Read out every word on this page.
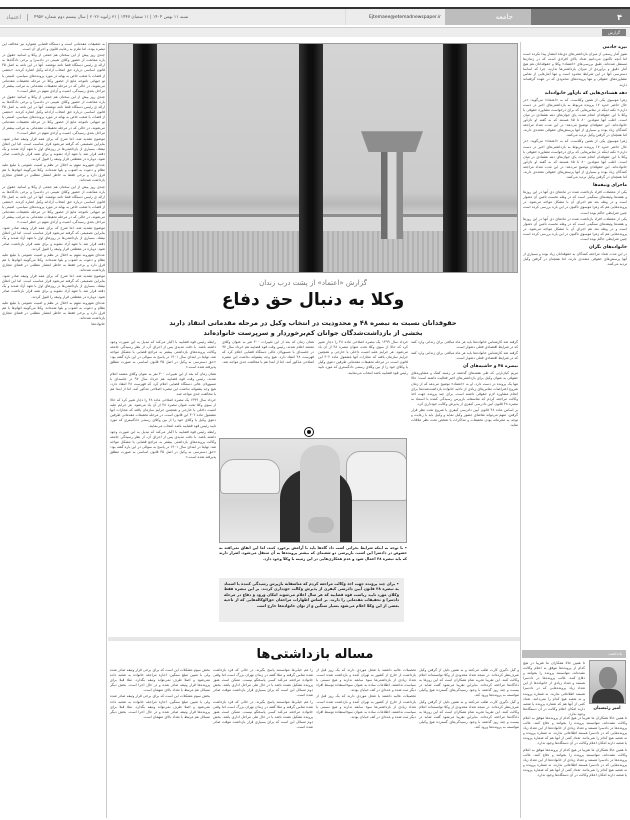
اعتماد	شنبه ۱۱ بهمن ۱۴۰۴ | ۱۱ شعبان ۱۴۴۷ | ۳۱ ژانویه ۲۰۲۶ | سال بیستم دوم شماره ۴۹۵۳	Ejtemaee@etemadnewspaper.ir	جامعه	۴
گزارش
گزارش «اعتماد» از پشت درب زندان
وکلا به دنبال حق دفاع
حقوقدانان نسبت به تبصره ۴۸ و محدودیت در انتخاب وکیل در مرحله مقدماتی انتقاد دارند
بخشی از بازداشت‌شدگان جوانان کم‌برخوردار و سرپرست خانواده‌اند
تیره خادمی

هنوز آمار رسمی از میزان بازداشتی‌های دی‌ماه انتشار پیدا نکرده است اما آنچه تاکنون می‌دانیم تعداد بالای افرادی است که در زندان‌ها مستقل شده‌اند. طبق بررسی‌های «اعتماد» وکلا و حقوقدانان هم هیچ آمار دقیق و برآوردی از میزان بازداشتی‌ها ندارند، چرا که اساسا دسترسی آنها در این شرایط محدود است و تنها آمارهایی از تماس مشاوره‌های حقوقی و تنها پرونده‌های محدودی که در عهده گرفته‌اند دارند.

دهه هشتادی‌هایی که نان‌آور خانواده‌اند

زهرا موسوی یکی از همین وکلاست. که به «اعتماد» می‌گوید: «در حال حاضر حدود ۱۷ پرونده مربوط به بازداشتی‌های اخیر در دست دارم.» نکته اینکه در تماس‌هایی که برای درخواست مشاوره حقوقی با وکلا با این حقوقدان انجام شده، پای جوان‌های دهه هشتادی در میان است. اغلب آنها متولدین ۸۰ تا ۸۵ هستند که به گفته او نان‌آور خانواده‌اند. این حقوقدان توضیح می‌دهد: در این مدت تعداد مراجعه کنندگان زیاد بوده و بسیاری از آنها پرسش‌های حقوقی متعددی دارند، اما همچنان در گرفتن وکیل تردید می‌کنند.

زهرا موسوی یکی از همین وکلاست. که به «اعتماد» می‌گوید: «در حال حاضر حدود ۱۷ پرونده مربوط به بازداشتی‌های اخیر در دست دارم.» نکته اینکه در تماس‌هایی که برای درخواست مشاوره حقوقی با وکلا با این حقوقدان انجام شده، پای جوان‌های دهه هشتادی در میان است. اغلب آنها متولدین ۸۰ تا ۸۵ هستند که به گفته او نان‌آور خانواده‌اند. این حقوقدان توضیح می‌دهد: در این مدت تعداد مراجعه کنندگان زیاد بوده و بسیاری از آنها پرسش‌های حقوقی متعددی دارند، اما همچنان در گرفتن وکیل تردید می‌کنند.

ماجرای وثیقه‌ها

یکی از معضلات افراد بازداشت شده در ماه‌های دی آنها در این روزها و هفته‌ها وثیقه‌های سنگینی است که در وهله نخست تامین آن دشوار است و در وهله بعد هم اجرای آن با مشکل مواجه می‌شود. در پرونده‌هایی هم که زهرا موسوی تاکنون در این باره بررسی کرده است چنین شرایطی حاکم بوده است.

یکی از معضلات افراد بازداشت شده در ماه‌های دی آنها در این روزها و هفته‌ها وثیقه‌های سنگینی است که در وهله نخست تامین آن دشوار است و در وهله بعد هم اجرای آن با مشکل مواجه می‌شود. در پرونده‌هایی هم که زهرا موسوی تاکنون در این باره بررسی کرده است چنین شرایطی حاکم بوده است.

خانواده‌های نگران

در این مدت تعداد مراجعه کنندگان به حقوقدانان زیاد بوده و بسیاری از آنها پرسش‌های حقوقی متعددی دارند، اما همچنان در گرفتن وکیل تردید می‌کنند.

یادداشت
امیر رئیسیان

تا همین حالا همکاران ما تقریبا در هیچ کدام از پرونده‌ها موفق به اعلام وکالت نشده‌اند، نتوانستند پرونده را بخوانند و دفاع کنند. غالب پرونده‌ها در دادسرا هستند و تعداد زیادی از خانواده‌ها از این تعداد زیاد پرونده‌هایی که در دادسرا هستند اطلاعاتی ندارند. نه شماره پرونده و نه شعبه هیچ کدام را نمی‌دانند. تعداد کمی از آنها هم که شماره پرونده یا شعبه دارند امکان اعلام وکالت در آن دستگاه‌ها وجود ندارد.

تا همین حالا همکاران ما تقریبا در هیچ کدام از پرونده‌ها موفق به اعلام وکالت نشده‌اند، نتوانستند پرونده را بخوانند و دفاع کنند. غالب پرونده‌ها در دادسرا هستند و تعداد زیادی از خانواده‌ها از این تعداد زیاد پرونده‌هایی که در دادسرا هستند اطلاعاتی ندارند. نه شماره پرونده و نه شعبه هیچ کدام را نمی‌دانند. تعداد کمی از آنها هم که شماره پرونده یا شعبه دارند امکان اعلام وکالت در آن دستگاه‌ها وجود ندارد.

تا همین حالا همکاران ما تقریبا در هیچ کدام از پرونده‌ها موفق به اعلام وکالت نشده‌اند، نتوانستند پرونده را بخوانند و دفاع کنند. غالب پرونده‌ها در دادسرا هستند و تعداد زیادی از خانواده‌ها از این تعداد زیاد پرونده‌هایی که در دادسرا هستند اطلاعاتی ندارند. نه شماره پرونده و نه شعبه هیچ کدام را نمی‌دانند. تعداد کمی از آنها هم که شماره پرونده یا شعبه دارند امکان اعلام وکالت در آن دستگاه‌ها وجود ندارد.

گرفته شد کارشناس خانواده‌ها باید هر ماه مبالغی برای زندانی وارد کنند که در شرایط اقتصادی فعلی دشوار است.

گرفته شد کارشناس خانواده‌ها باید هر ماه مبالغی برای زندانی وارد کنند که در شرایط اقتصادی فعلی دشوار است.

تبصره ۴۸ و حاشیه‌های آن

مریم کیان‌ارثی که طی هفته‌های گذشته در زمینه کمک و مشاوره‌های حقوقی به عنوان وکیل برای بازداشتی‌های اخیر فعالیت داشته است؛ حالا تنها یک پرونده در دست دارد. او به «اعتماد» توضیح می‌دهد که از زمان شروع اعتراضات تماس‌های زیادی از ناحیه خانواده بازداشت‌شده‌ها برای انجام مشاوره لازم حقوقی داشته است. برای چند پرونده جهت اخذ وکالت مراجعه کردم که متاسفانه بازپرس رسیدگی کننده با استناد به تبصره ۴۸ قانون آیین دادرسی کیفری از پذیرش وکالت خودداری کرد.

بر اساس ماده ۴۸ قانون آیین دادرسی کیفری با شروع تحت نظر قرار گرفتن، متهم می‌تواند تقاضای حضور وکیل نماید و وکیل باید با رعایت و توجه به محرمانه بودن تحقیقات و مذاکرات با شخص تحت نظر ملاقات نماید.

خرداد سال ۱۳۹۹ یک تبصره اصلاحی ماده ۴۸ را دچار تغییر کرد که حالا از سوی وکلا تحت عنوان تبصره ۴۸ از آن یاد می‌شود. هر جرایم علیه امنیت داخلی یا خارجی و همچنین جرایم سازمان یافته که مجازات آنها مشمول ماده ۳۰۲ این قانون است، در مرحله تحقیقات مقدماتی طرفین دعوی وکیل یا وکلای خود را از بین وکلای رسمی دادگستری که مورد تایید رئیس قوه قضاییه باشد انتخاب می‌نمایند.

همان زمان که بعد از این تغییرات ۴۰۰ نفر به عنوان وکلای معتمد اعلام شدند، رئیس وقت قوه قضاییه هم خرداد سال ۹۷ در جلسه‌ای با مسوولان عالی دستگاه قضایی اعلام کرد که فهرست ۴۸ انتقاد دارد. هیچ وجه پشتوانه نداشت این تبصره اصلاحی مذکور آمد، اما از ابتدا هم با مخالفت جدی مواجه شد.

رابطه رئیس قوه قضاییه با اکبار می‌کند که تبدیل به این صورت وجود داشته باشد. با دقت مدیدی پس از اجرای آن، از نظر رسیدگی جامعه وکالت پرونده‌های بازداشتی بیشتر به مراجع قضایی با مشکل مواجه شد. نهایتا در ابتدای سال ۱۴۰۱ در پاسخ به سوالی در این باره گفته بود: «حق دسترسی به وکیل در اصل ۳۵ قانون اساسی به صورت مطلق پذیرفته شده است.»

همان زمان که بعد از این تغییرات ۴۰۰ نفر به عنوان وکلای معتمد اعلام شدند، رئیس وقت قوه قضاییه هم خرداد سال ۹۷ در جلسه‌ای با مسوولان عالی دستگاه قضایی اعلام کرد که فهرست ۴۸ انتقاد دارد. هیچ وجه پشتوانه نداشت این تبصره اصلاحی مذکور آمد، اما از ابتدا هم با مخالفت جدی مواجه شد.

خرداد سال ۱۳۹۹ یک تبصره اصلاحی ماده ۴۸ را دچار تغییر کرد که حالا از سوی وکلا تحت عنوان تبصره ۴۸ از آن یاد می‌شود. هر جرایم علیه امنیت داخلی یا خارجی و همچنین جرایم سازمان یافته که مجازات آنها مشمول ماده ۳۰۲ این قانون است، در مرحله تحقیقات مقدماتی طرفین دعوی وکیل یا وکلای خود را از بین وکلای رسمی دادگستری که مورد تایید رئیس قوه قضاییه باشد انتخاب می‌نمایند.

رابطه رئیس قوه قضاییه با اکبار می‌کند که تبدیل به این صورت وجود داشته باشد. با دقت مدیدی پس از اجرای آن، از نظر رسیدگی جامعه وکالت پرونده‌های بازداشتی بیشتر به مراجع قضایی با مشکل مواجه شد. نهایتا در ابتدای سال ۱۴۰۱ در پاسخ به سوالی در این باره گفته بود: «حق دسترسی به وکیل در اصل ۳۵ قانون اساسی به صورت مطلق پذیرفته شده است.»

• با توجه به اینکه شرایط بحرانی است داد گاه‌ها باید با آرامش برخورد کنند، اما این اتفاق نمی‌افتد به خصوص در دادسرا این است، بازپرسی دو شعبه‌ای که بیشتر پرونده‌ها به آن منتقل می‌شود، اصرار دارند که باید تبصره ۴۸ اعمال شود و عدم همکاری‌هایی در این زمینه با وکلا وجود دارد.
• برای چند پرونده جهت اخذ وکالت مراجعه کردم که متاسفانه بازپرس رسیدگی کننده با استناد به تبصره ۴۸ قانون آیین دادرسی کیفری از پذیرش وکالت خودداری کردند. بر این تبصره فقط وکلای مورد تایید ریاست قوه قضاییه که هر سال اعلام می‌شوند امکان ورود و دفاع در مرحله دادسرا و تحقیقات مقدماتی را دارند. بر اساس اظهارات مراجعان حق‌الوکاله‌هایی که از ناحیه بعضی از این وکلا اعلام می‌شود بسیار سنگین و از توان خانواده‌ها خارج است
مساله بازداشتی‌ها

و گیل دگیری کارت طلب می‌کنند و به همین دلیل از گرفتن وکیل صرف‌نظر کرده‌اند. در نتیجه تعداد محدودی از وکلا توانسته‌اند اعلام وکالت کنند. این تقریبا تجربه تمام همکاران است که این روزها به دادگاه‌ها مراجعه کرده‌اند. بنابراین تقریبا می‌شود گفت شاید در بیست و چند روز گذشته با وجود رسیدگی‌های گسترده هیچ وکیلی نتوانسته به پرونده‌ها ورود کند.

و گیل دگیری کارت طلب می‌کنند و به همین دلیل از گرفتن وکیل صرف‌نظر کرده‌اند. در نتیجه تعداد محدودی از وکلا توانسته‌اند اعلام وکالت کنند. این تقریبا تجربه تمام همکاران است که این روزها به دادگاه‌ها مراجعه کرده‌اند. بنابراین تقریبا می‌شود گفت شاید در بیست و چند روز گذشته با وجود رسیدگی‌های گسترده هیچ وکیلی نتوانسته به پرونده‌ها ورود کند.

تحصیلات عالیه داشتند یا شغل موردی دارند که یک روز قبل از بازداشت از خارج از کشور به تهران آمده و بازداشت شده است. تعداد زیادی از بازداشتی‌ها سوء سابقه ندارند و هیچ نسبتی با سیاست نداشتند. اطلاعات ساده به عنوان سوءاستفاده توسط افراد دیگر ثبت شده و عده‌ای در کف خیابان بودند.

تحصیلات عالیه داشتند یا شغل موردی دارند که یک روز قبل از بازداشت از خارج از کشور به تهران آمده و بازداشت شده است. تعداد زیادی از بازداشتی‌ها سوء سابقه ندارند و هیچ نسبتی با سیاست نداشتند. اطلاعات ساده به عنوان سوءاستفاده توسط افراد دیگر ثبت شده و عده‌ای در کف خیابان بودند.

را هم خیلی‌ها نتوانستند پاسخ بگیرند. در حالی که فرد بازداشت شده تماس گرفته و مثلا گفته در زندان تهران بزرگ است اما وقتی خانواده مراجعه می‌کند کسی پاسخگو نیست. ممکن است هنوز پرونده تشکیل نشده باشد یا در حال طی مراحل اداری باشد. بخش دوم مسائل این است که برای بسیاری قرار بازداشت موقت صادر شده است.

را هم خیلی‌ها نتوانستند پاسخ بگیرند. در حالی که فرد بازداشت شده تماس گرفته و مثلا گفته در زندان تهران بزرگ است اما وقتی خانواده مراجعه می‌کند کسی پاسخگو نیست. ممکن است هنوز پرونده تشکیل نشده باشد یا در حال طی مراحل اداری باشد. بخش دوم مسائل این است که برای بسیاری قرار بازداشت موقت صادر شده است.

بخش سوم مشکلات این است که برای برخی قرار وثیقه صادر شده ولی با تعیین مبلغ سنگین. اجازه مراجعه خانواده به شعبه داده نمی‌شود و اصلا طرف نمی‌تواند وثیقه بگذارد. مثلا قبلا برای پرونده‌ها قرار وثیقه صادر شده و در حال اجرا است. بخش دیگر مسائل هم مرتبط با تعداد بالای متهمان است.

بخش سوم مشکلات این است که برای برخی قرار وثیقه صادر شده ولی با تعیین مبلغ سنگین. اجازه مراجعه خانواده به شعبه داده نمی‌شود و اصلا طرف نمی‌تواند وثیقه بگذارد. مثلا قبلا برای پرونده‌ها قرار وثیقه صادر شده و در حال اجرا است. بخش دیگر مسائل هم مرتبط با تعداد بالای متهمان است.

به تحقیقات مقدماتی است و دستگاه قضایی همواره نیز مخالف این تبصره بوده، اما ملزم به رعایت قانون و اجرای آن است.

چندی روز پیش از این سخنان هم جمعی از وکلا و اساتید حقوق در باره ممانعت از حضور وکلای تعیینی در دادسرا و برخی دادگاه‌ها به ارائه ی رئیس دستگاه قضا نامه نوشتند. آنها در این نامه به اصل ۳۵ قانون اساسی درباره حق انتخاب آزادانه وکیل اشاره کردند. «بعضی از قضات با شعب خاص به بهانه در مورد پرونده‌های سیاسی، امنیتی یا تو جیهاتی ناموجه مانع از حضور وکلا در مرحله تحقیقات مقدماتی می‌شوند، در حالی که در مرحله تحقیقات مقدماتی به مراتب بیشتر از مراحل بعدی رسیدگی، امنیت و آزادی متهم در خطر است.»

چندی روز پیش از این سخنان هم جمعی از وکلا و اساتید حقوق در باره ممانعت از حضور وکلای تعیینی در دادسرا و برخی دادگاه‌ها به ارائه ی رئیس دستگاه قضا نامه نوشتند. آنها در این نامه به اصل ۳۵ قانون اساسی درباره حق انتخاب آزادانه وکیل اشاره کردند. «بعضی از قضات با شعب خاص به بهانه در مورد پرونده‌های سیاسی، امنیتی یا تو جیهاتی ناموجه مانع از حضور وکلا در مرحله تحقیقات مقدماتی می‌شوند، در حالی که در مرحله تحقیقات مقدماتی به مراتب بیشتر از مراحل بعدی رسیدگی، امنیت و آزادی متهم در خطر است.»

موضوع تشدید شد، اما شرح که برای همه قرار وثیقه صادر شود. بنابراین تصمیمی که گرفته می‌شود قرار مناسب است. اما این اتفاق نیفتاد. بسیاری از بازداشتی‌ها در روزهای اول با تعهد آزاد شدند و یک دفعه قرار شد با تعهد آزاد نشوند و برای همه قرار بازداشت صادر شود. دوباره در مقطعی قرار وثیقه را قبول کردند.

عده‌ای شهروند متهم به اخلال در نظم و امنیت عمومی یا تبلیغ علیه نظام و دعوت به آشوب و بلوا شده‌اند. وکلا می‌گویند اتهام‌ها با هم فرق دارد و برخی فقط به خاطر انتشار مطلبی در فضای مجازی بازداشت شده‌اند.

چندی روز پیش از این سخنان هم جمعی از وکلا و اساتید حقوق در باره ممانعت از حضور وکلای تعیینی در دادسرا و برخی دادگاه‌ها به ارائه ی رئیس دستگاه قضا نامه نوشتند. آنها در این نامه به اصل ۳۵ قانون اساسی درباره حق انتخاب آزادانه وکیل اشاره کردند. «بعضی از قضات با شعب خاص به بهانه در مورد پرونده‌های سیاسی، امنیتی یا تو جیهاتی ناموجه مانع از حضور وکلا در مرحله تحقیقات مقدماتی می‌شوند، در حالی که در مرحله تحقیقات مقدماتی به مراتب بیشتر از مراحل بعدی رسیدگی، امنیت و آزادی متهم در خطر است.»

موضوع تشدید شد، اما شرح که برای همه قرار وثیقه صادر شود. بنابراین تصمیمی که گرفته می‌شود قرار مناسب است. اما این اتفاق نیفتاد. بسیاری از بازداشتی‌ها در روزهای اول با تعهد آزاد شدند و یک دفعه قرار شد با تعهد آزاد نشوند و برای همه قرار بازداشت صادر شود. دوباره در مقطعی قرار وثیقه را قبول کردند.

عده‌ای شهروند متهم به اخلال در نظم و امنیت عمومی یا تبلیغ علیه نظام و دعوت به آشوب و بلوا شده‌اند. وکلا می‌گویند اتهام‌ها با هم فرق دارد و برخی فقط به خاطر انتشار مطلبی در فضای مجازی بازداشت شده‌اند.

موضوع تشدید شد، اما شرح که برای همه قرار وثیقه صادر شود. بنابراین تصمیمی که گرفته می‌شود قرار مناسب است. اما این اتفاق نیفتاد. بسیاری از بازداشتی‌ها در روزهای اول با تعهد آزاد شدند و یک دفعه قرار شد با تعهد آزاد نشوند و برای همه قرار بازداشت صادر شود. دوباره در مقطعی قرار وثیقه را قبول کردند.

عده‌ای شهروند متهم به اخلال در نظم و امنیت عمومی یا تبلیغ علیه نظام و دعوت به آشوب و بلوا شده‌اند. وکلا می‌گویند اتهام‌ها با هم فرق دارد و برخی فقط به خاطر انتشار مطلبی در فضای مجازی بازداشت شده‌اند.

خانواده‌ها
